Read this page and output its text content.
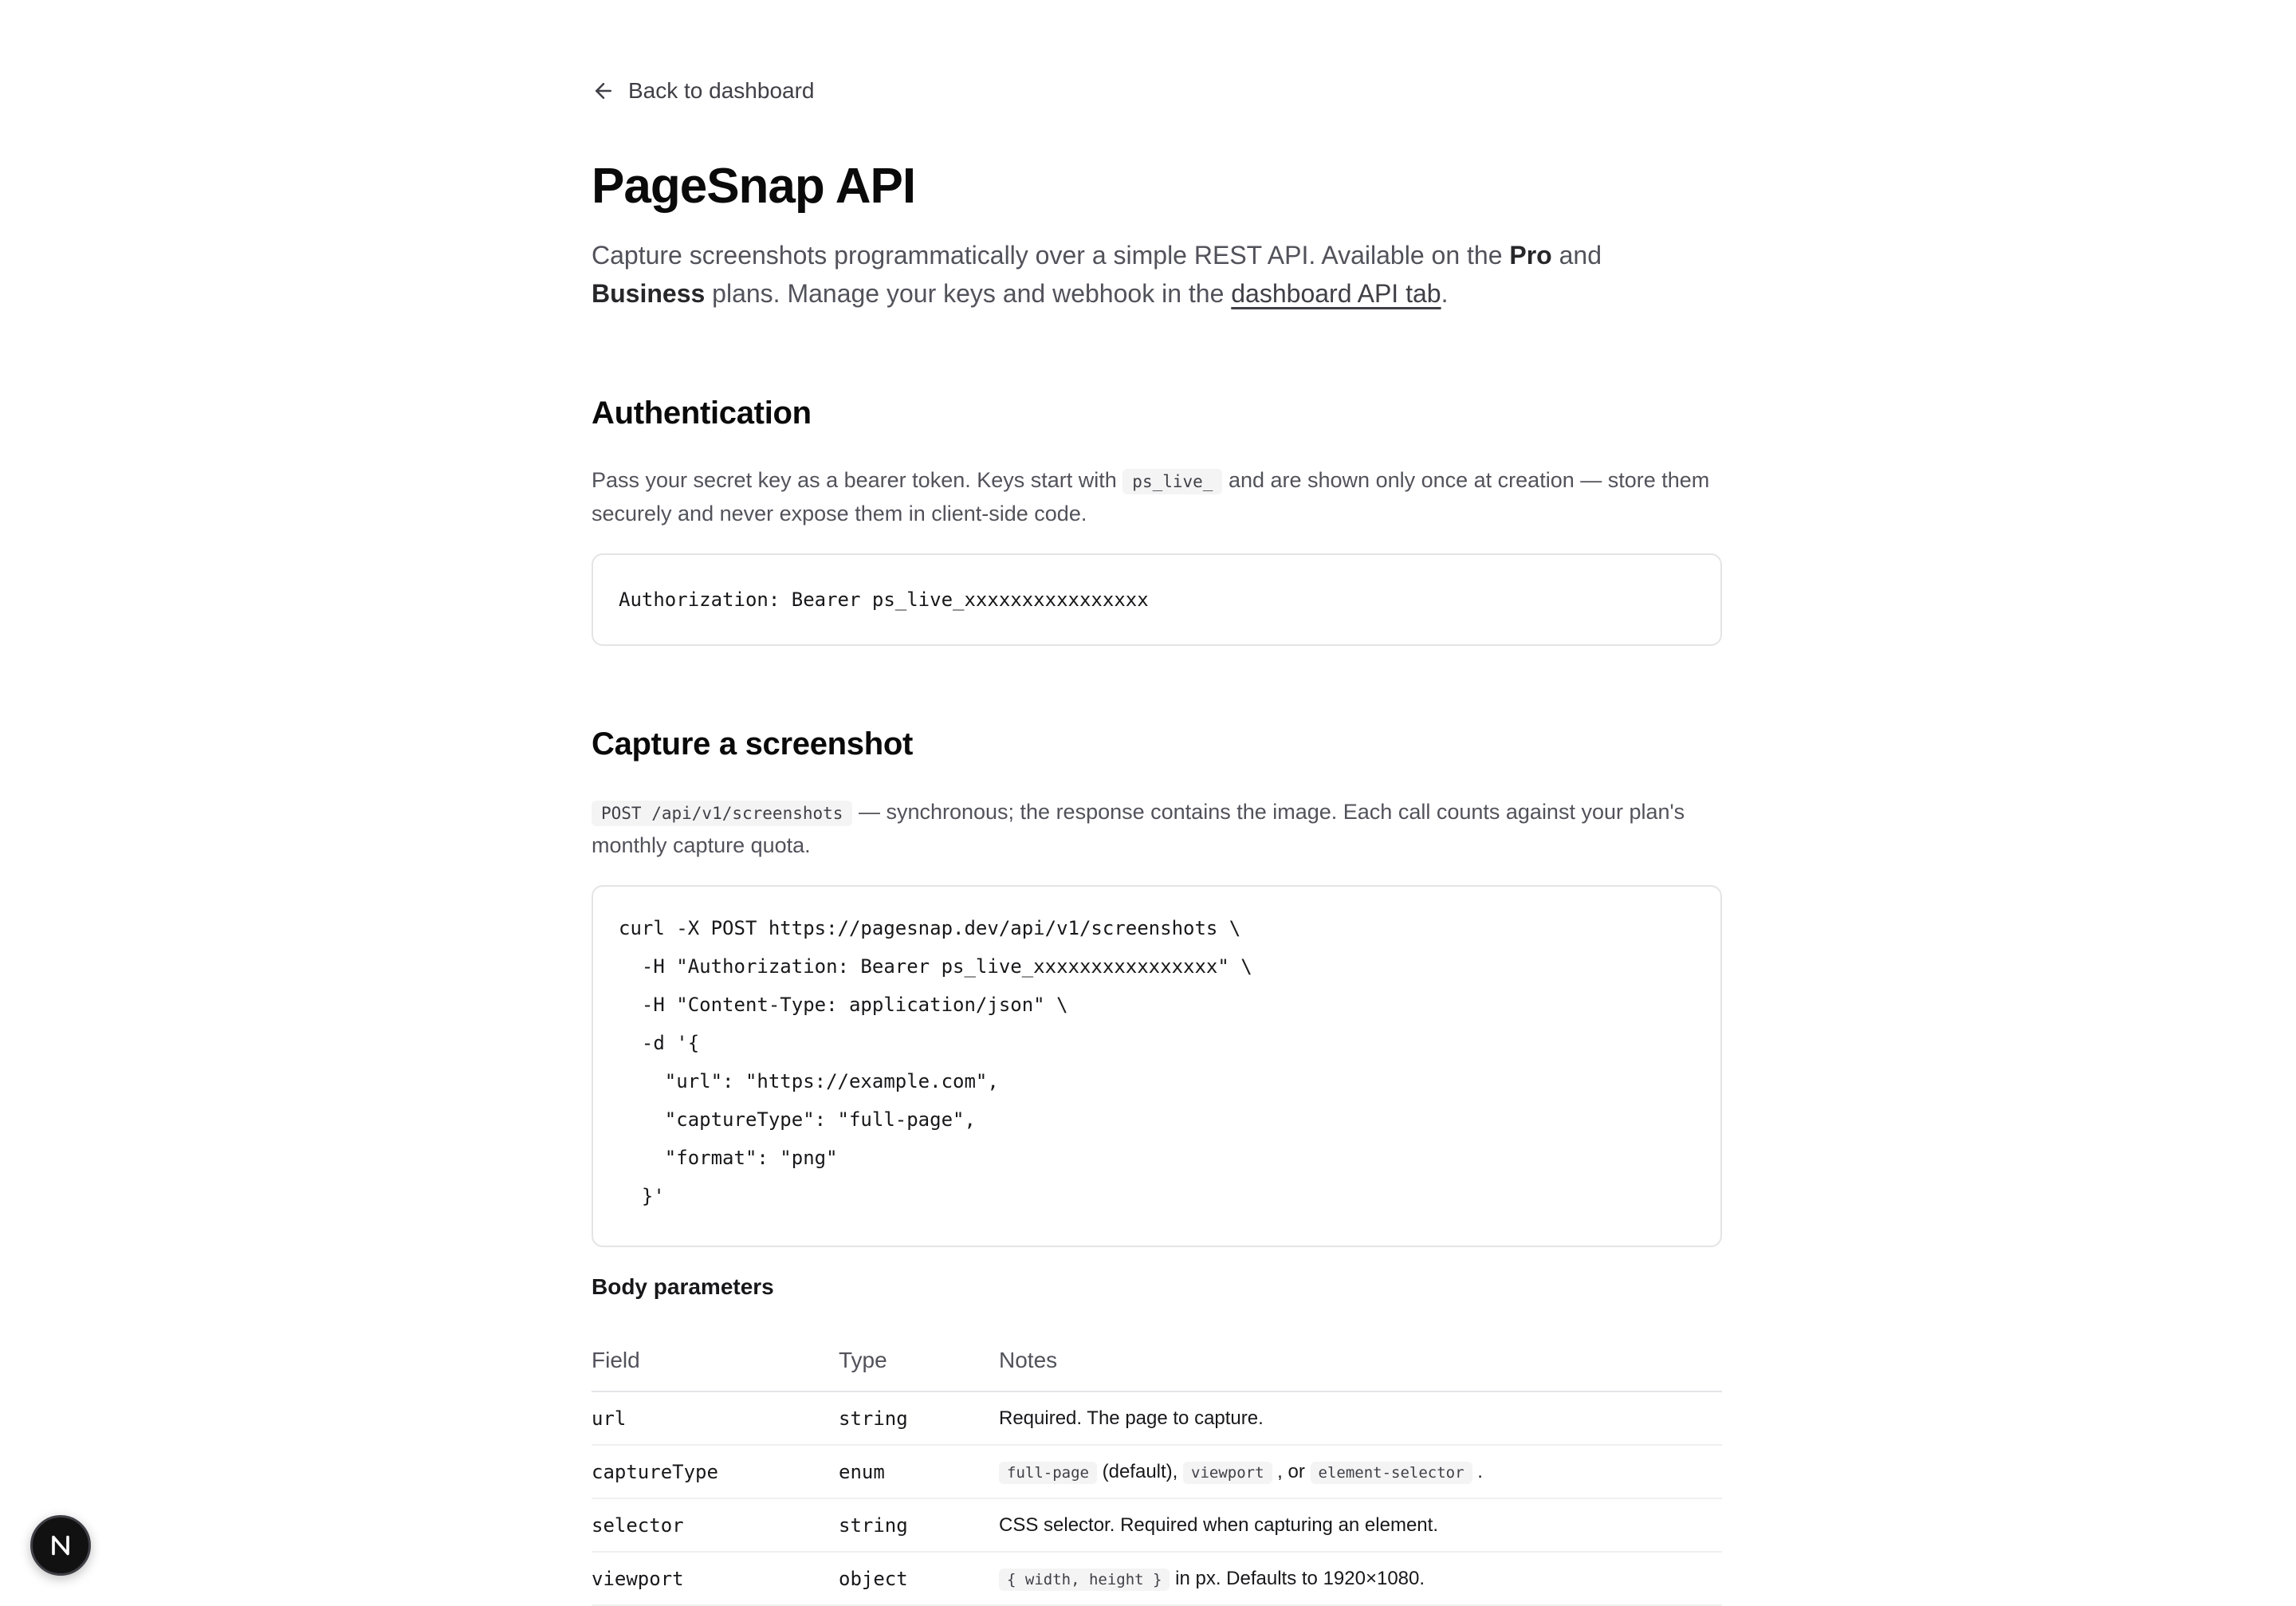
Back to dashboard
PageSnap API

Capture screenshots programmatically over a simple REST API. Available on the Pro and Business plans. Manage your keys and webhook in the dashboard API tab.

Authentication

Pass your secret key as a bearer token. Keys start with ps_live_ and are shown only once at creation — store them securely and never expose them in client-side code.

Authorization: Bearer ps_live_xxxxxxxxxxxxxxxx
Capture a screenshot

POST /api/v1/screenshots — synchronous; the response contains the image. Each call counts against your plan's monthly capture quota.

curl -X POST https://pagesnap.dev/api/v1/screenshots \
-H "Authorization: Bearer ps_live_xxxxxxxxxxxxxxxx" \
-H "Content-Type: application/json" \
-d '{
"url": "https://example.com",
"captureType": "full-page",
"format": "png"
}'
Body parameters
Field	Type	Notes
url	string	Required. The page to capture.
captureType	enum	full-page (default), viewport , or element-selector .
selector	string	CSS selector. Required when capturing an element.
viewport	object	{ width, height } in px. Defaults to 1920×1080.
